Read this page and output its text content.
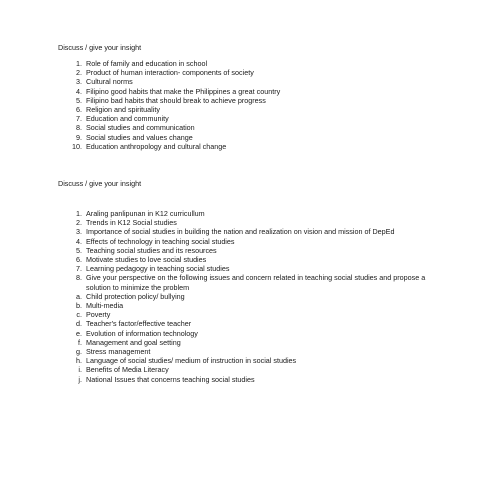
Discuss / give your insight
1. Role of family and education in school
2. Product of human interaction- components of society
3. Cultural norms
4. Filipino good habits that make the Philippines a great country
5. Filipino bad habits that should break to achieve progress
6. Religion and spirituality
7. Education and community
8. Social studies and communication
9. Social studies and values change
10. Education anthropology and cultural change
Discuss / give your insight
1. Araling panlipunan in K12 curricullum
2. Trends in K12 Social studies
3. Importance of social studies in building the nation and realization on vision and mission of DepEd
4. Effects of technology in teaching social studies
5. Teaching social studies and its resources
6. Motivate studies to love social studies
7. Learning pedagogy in teaching social studies
8. Give your perspective on the following issues and concern related in teaching social studies and propose a solution to minimize the problem
a. Child protection policy/ bullying
b. Multi-media
c. Poverty
d. Teacher's factor/effective teacher
e. Evolution of information technology
f. Management and goal setting
g. Stress management
h. Language of social studies/ medium of instruction in social studies
i. Benefits of Media Literacy
j. National Issues that concerns teaching social studies
